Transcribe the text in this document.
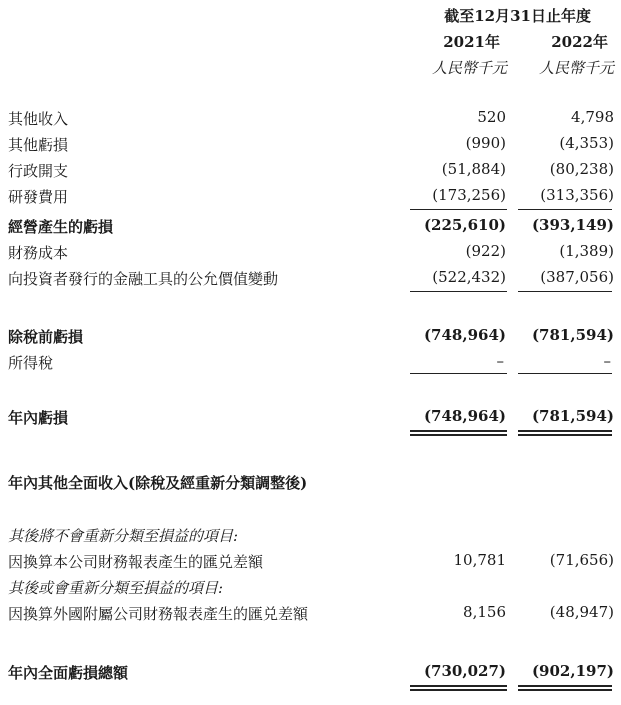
截至12月31日止年度
2021年	2022年
人民幣千元 人民幣千元
其他收入	520	4,798
其他虧損	(990)	(4,353)
行政開支	(51,884)	(80,238)
研發費用	(173,256) (313,356)
經營產生的虧損	(225,610) (393,149)
財務成本	(922)	(1,389)
向投資者發行的金融工具的公允價值變動	(522,432) (387,056)
除稅前虧損	(748,964) (781,594)
所得稅	–	–
年內虧損	(748,964) (781,594)
年內其他全面收入(除稅及經重新分類調整後)
其後將不會重新分類至損益的項目:
因換算本公司財務報表產生的匯兑差額	10,781	(71,656)
其後或會重新分類至損益的項目:
因換算外國附屬公司財務報表產生的匯兑差額	8,156	(48,947)
年內全面虧損總額	(730,027) (902,197)
